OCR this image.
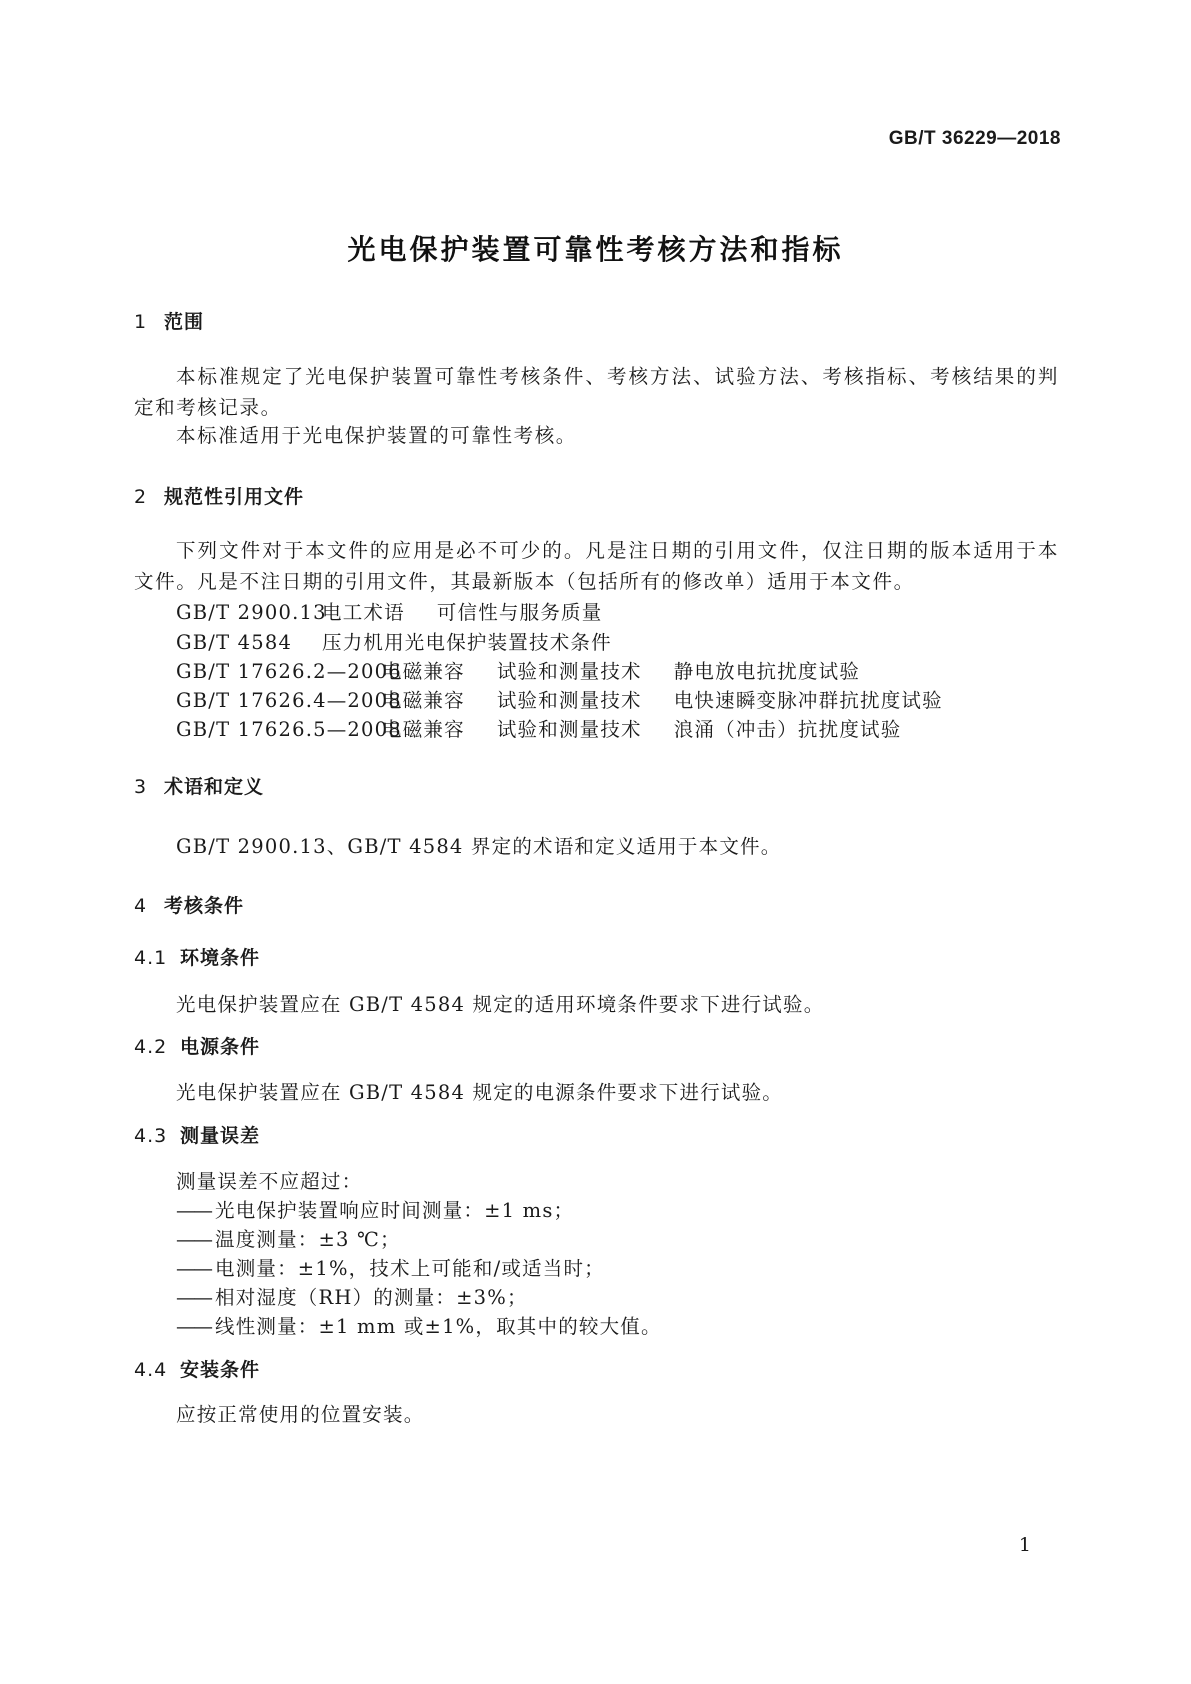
GB/T 36229—2018
光电保护装置可靠性考核方法和指标
1 范围
本标准规定了光电保护装置可靠性考核条件、考核方法、试验方法、考核指标、考核结果的判定和考核记录。
本标准适用于光电保护装置的可靠性考核。
2 规范性引用文件
下列文件对于本文件的应用是必不可少的。凡是注日期的引用文件，仅注日期的版本适用于本文件。凡是不注日期的引用文件，其最新版本（包括所有的修改单）适用于本文件。
GB/T 2900.13电工术语 可信性与服务质量
GB/T 4584 压力机用光电保护装置技术条件
GB/T 17626.2—2006电磁兼容 试验和测量技术 静电放电抗扰度试验
GB/T 17626.4—2008电磁兼容 试验和测量技术 电快速瞬变脉冲群抗扰度试验
GB/T 17626.5—2008电磁兼容 试验和测量技术 浪涌（冲击）抗扰度试验
3 术语和定义
GB/T 2900.13、GB/T 4584 界定的术语和定义适用于本文件。
4 考核条件
4.1 环境条件
光电保护装置应在 GB/T 4584 规定的适用环境条件要求下进行试验。
4.2 电源条件
光电保护装置应在 GB/T 4584 规定的电源条件要求下进行试验。
4.3 测量误差
测量误差不应超过：
—— 光电保护装置响应时间测量：±1 ms；
—— 温度测量：±3 ℃；
—— 电测量：±1%，技术上可能和/或适当时；
—— 相对湿度（RH）的测量：±3%；
—— 线性测量：±1 mm 或±1%，取其中的较大值。
4.4 安装条件
应按正常使用的位置安装。
1
